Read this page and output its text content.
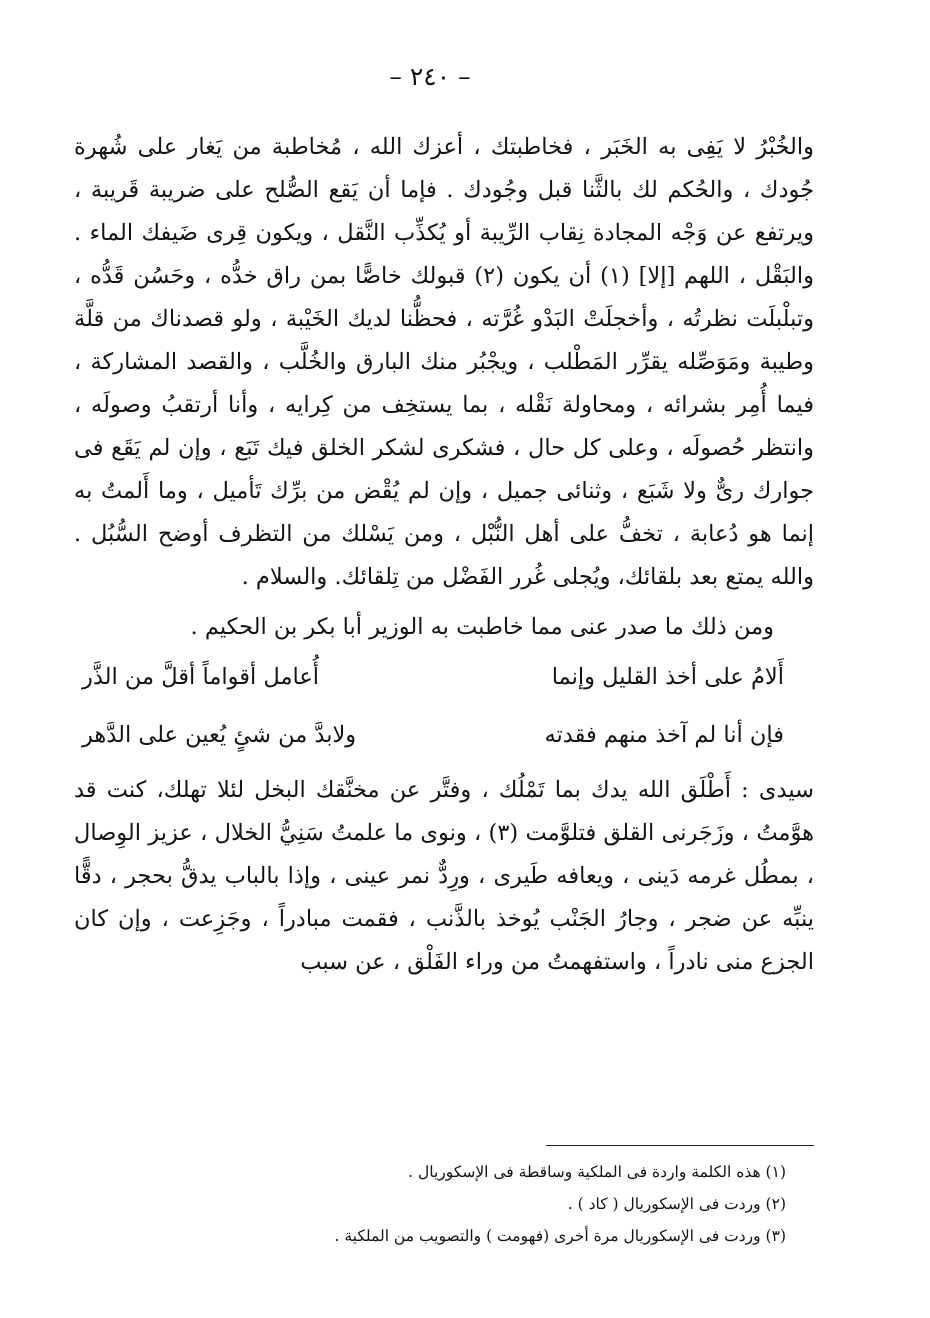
– ٢٤٠ –

والخُبْرُ لا يَفِى به الخَبَر ، فخاطبتك ، أعزك الله ، مُخاطبة من يَغار على شُهرة جُودك ، والحُكم لك بالثَّنا قبل وجُودك . فإما أن يَقع الصُّلح على ضريبة قَريبة ، ويرتفع عن وَجْه المجادة نِقاب الرِّيبة أو يُكذِّب النَّقل ، ويكون قِرى ضَيفك الماء . والبَقْل ، اللهم [إلا] (١) أن يكون (٢) قبولك خاصًّا بمن راق خدُّه ، وحَسُن قَدُّه ، وتبلْبلَت نظرتُه ، وأخجلَتْ البَدْو غُرَّته ، فحظُّنا لديك الخَيْبة ، ولو قصدناك من قلَّة وطيبة ومَوَصِّله يقرِّر المَطْلب ، ويجْبُر منك البارق والخُلَّب ، والقصد المشاركة ، فيما أُمِر بشرائه ، ومحاولة نَقْله ، بما يستخِف من كِرايه ، وأنا أرتقبُ وصولَه ، وانتظر حُصولَه ، وعلى كل حال ، فشكرى لشكر الخلق فيك تَبَع ، وإن لم يَقَع فى جوارك رىٌّ ولا شَبَع ، وثنائى جميل ، وإن لم يُقْض من برِّك تَأميل ، وما أَلمتُ به إنما هو دُعابة ، تخفُّ على أهل النُّبْل ، ومن يَسْلك من التظرف أوضح السُّبُل . والله يمتع بعد بلقائك، ويُجلى غُرر الفَضْل من تِلقائك. والسلام .

ومن ذلك ما صدر عنى مما خاطبت به الوزير أبا بكر بن الحكيم .

أَلامُ على أخذ القليل وإنما
أُعامل أقواماً أقلَّ من الذَّر
فإن أنا لم آخذ منهم فقدته
ولابدَّ من شئٍ يُعين على الدَّهر

سيدى : أَطْلَق الله يدك بما تَمْلُك ، وفتَّر عن مخنَّقك البخل لئلا تهلك، كنت قد هوَّمتُ ، وزَجَرنى القلق فتلوَّمت (٣) ، ونوى ما علمتُ سَنِيُّ الخلال ، عزيز الوِصال ، بمطُل غرمه دَينى ، ويعافه طَيرى ، ورِدٌّ نمر عينى ، وإذا بالباب يدقُّ بحجر ، دقًّا ينبِّه عن ضجر ، وجارُ الجَنْب يُوخذ بالذَّنب ، فقمت مبادراً ، وجَزِعت ، وإن كان الجزع منى نادراً ، واستفهمتُ من وراء الفَلْق ، عن سبب

(١) هذه الكلمة واردة فى الملكية وساقطة فى الإسكوريال .

(٢) وردت فى الإسكوريال ( كاد ) .

(٣) وردت فى الإسكوريال مرة أخرى (فهومت ) والتصويب من الملكية .
